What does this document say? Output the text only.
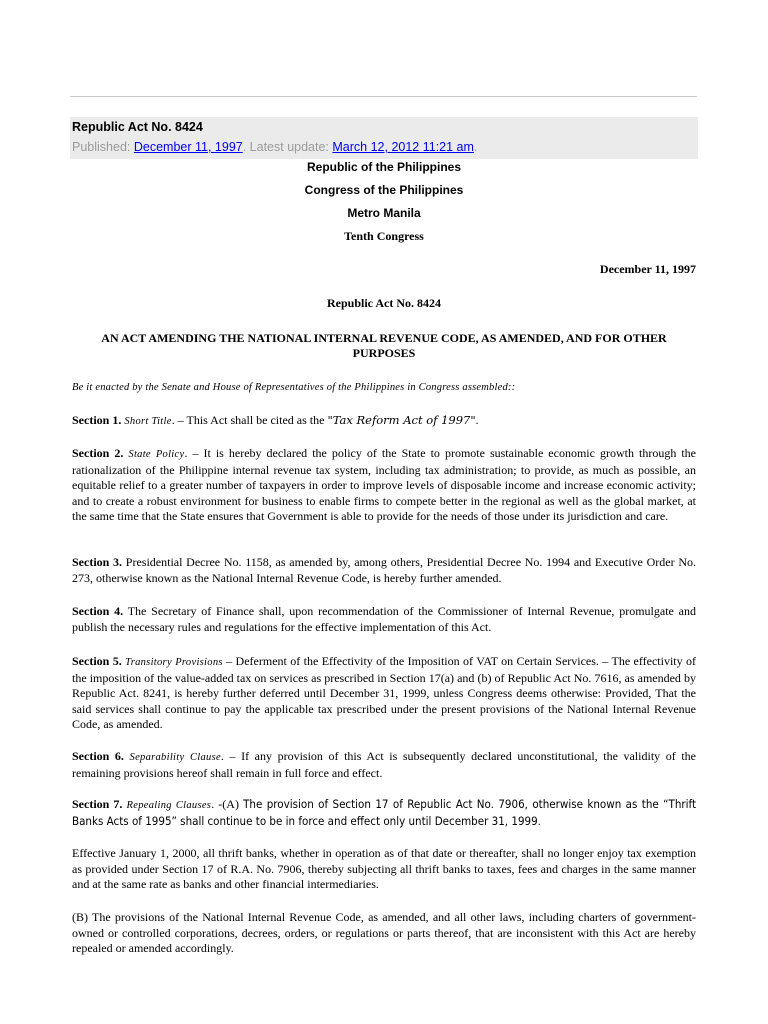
Republic Act No. 8424
Published: December 11, 1997. Latest update: March 12, 2012 11:21 am.
Republic of the Philippines
Congress of the Philippines
Metro Manila
Tenth Congress
December 11, 1997
Republic Act No. 8424
AN ACT AMENDING THE NATIONAL INTERNAL REVENUE CODE, AS AMENDED, AND FOR OTHER PURPOSES
Be it enacted by the Senate and House of Representatives of the Philippines in Congress assembled::
Section 1. Short Title. – This Act shall be cited as the "Tax Reform Act of 1997".
Section 2. State Policy. – It is hereby declared the policy of the State to promote sustainable economic growth through the rationalization of the Philippine internal revenue tax system, including tax administration; to provide, as much as possible, an equitable relief to a greater number of taxpayers in order to improve levels of disposable income and increase economic activity; and to create a robust environment for business to enable firms to compete better in the regional as well as the global market, at the same time that the State ensures that Government is able to provide for the needs of those under its jurisdiction and care.
Section 3. Presidential Decree No. 1158, as amended by, among others, Presidential Decree No. 1994 and Executive Order No. 273, otherwise known as the National Internal Revenue Code, is hereby further amended.
Section 4. The Secretary of Finance shall, upon recommendation of the Commissioner of Internal Revenue, promulgate and publish the necessary rules and regulations for the effective implementation of this Act.
Section 5. Transitory Provisions – Deferment of the Effectivity of the Imposition of VAT on Certain Services. – The effectivity of the imposition of the value-added tax on services as prescribed in Section 17(a) and (b) of Republic Act No. 7616, as amended by Republic Act. 8241, is hereby further deferred until December 31, 1999, unless Congress deems otherwise: Provided, That the said services shall continue to pay the applicable tax prescribed under the present provisions of the National Internal Revenue Code, as amended.
Section 6. Separability Clause. – If any provision of this Act is subsequently declared unconstitutional, the validity of the remaining provisions hereof shall remain in full force and effect.
Section 7. Repealing Clauses. -(A) The provision of Section 17 of Republic Act No. 7906, otherwise known as the “Thrift Banks Acts of 1995” shall continue to be in force and effect only until December 31, 1999.
Effective January 1, 2000, all thrift banks, whether in operation as of that date or thereafter, shall no longer enjoy tax exemption as provided under Section 17 of R.A. No. 7906, thereby subjecting all thrift banks to taxes, fees and charges in the same manner and at the same rate as banks and other financial intermediaries.
(B) The provisions of the National Internal Revenue Code, as amended, and all other laws, including charters of government-owned or controlled corporations, decrees, orders, or regulations or parts thereof, that are inconsistent with this Act are hereby repealed or amended accordingly.
